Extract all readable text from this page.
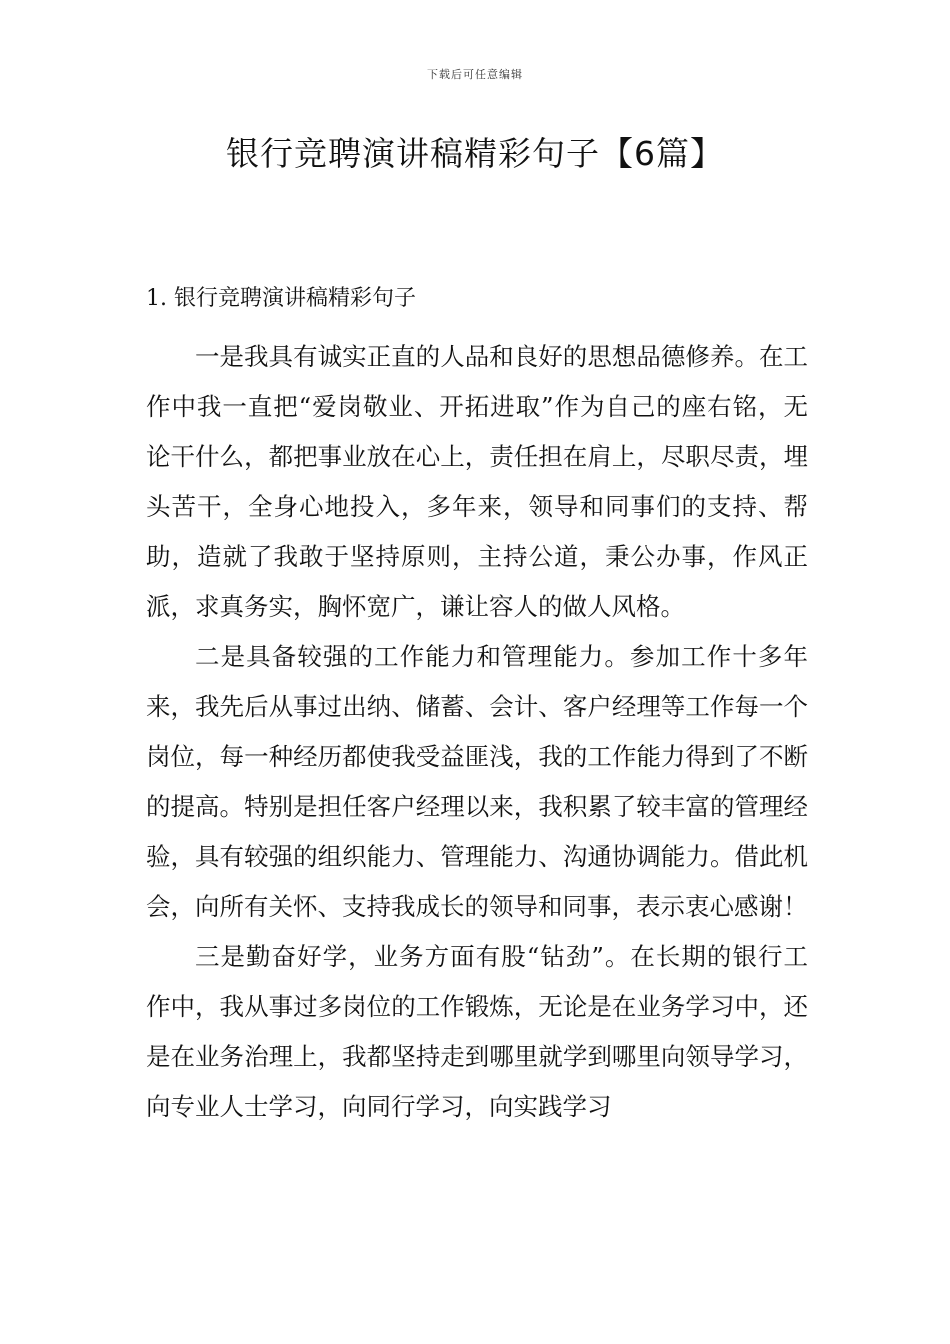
下载后可任意编辑
银行竞聘演讲稿精彩句子【6篇】
1. 银行竞聘演讲稿精彩句子

一是我具有诚实正直的人品和良好的思想品德修养。在工作中我一直把“爱岗敬业、开拓进取”作为自己的座右铭，无论干什么，都把事业放在心上，责任担在肩上，尽职尽责，埋头苦干，全身心地投入，多年来，领导和同事们的支持、帮助，造就了我敢于坚持原则，主持公道，秉公办事，作风正派，求真务实，胸怀宽广，谦让容人的做人风格。

二是具备较强的工作能力和管理能力。参加工作十多年来，我先后从事过出纳、储蓄、会计、客户经理等工作每一个岗位，每一种经历都使我受益匪浅，我的工作能力得到了不断的提高。特别是担任客户经理以来，我积累了较丰富的管理经验，具有较强的组织能力、管理能力、沟通协调能力。借此机会，向所有关怀、支持我成长的领导和同事，表示衷心感谢！

三是勤奋好学，业务方面有股“钻劲”。在长期的银行工作中，我从事过多岗位的工作锻炼，无论是在业务学习中，还是在业务治理上，我都坚持走到哪里就学到哪里向领导学习，向专业人士学习，向同行学习，向实践学习
